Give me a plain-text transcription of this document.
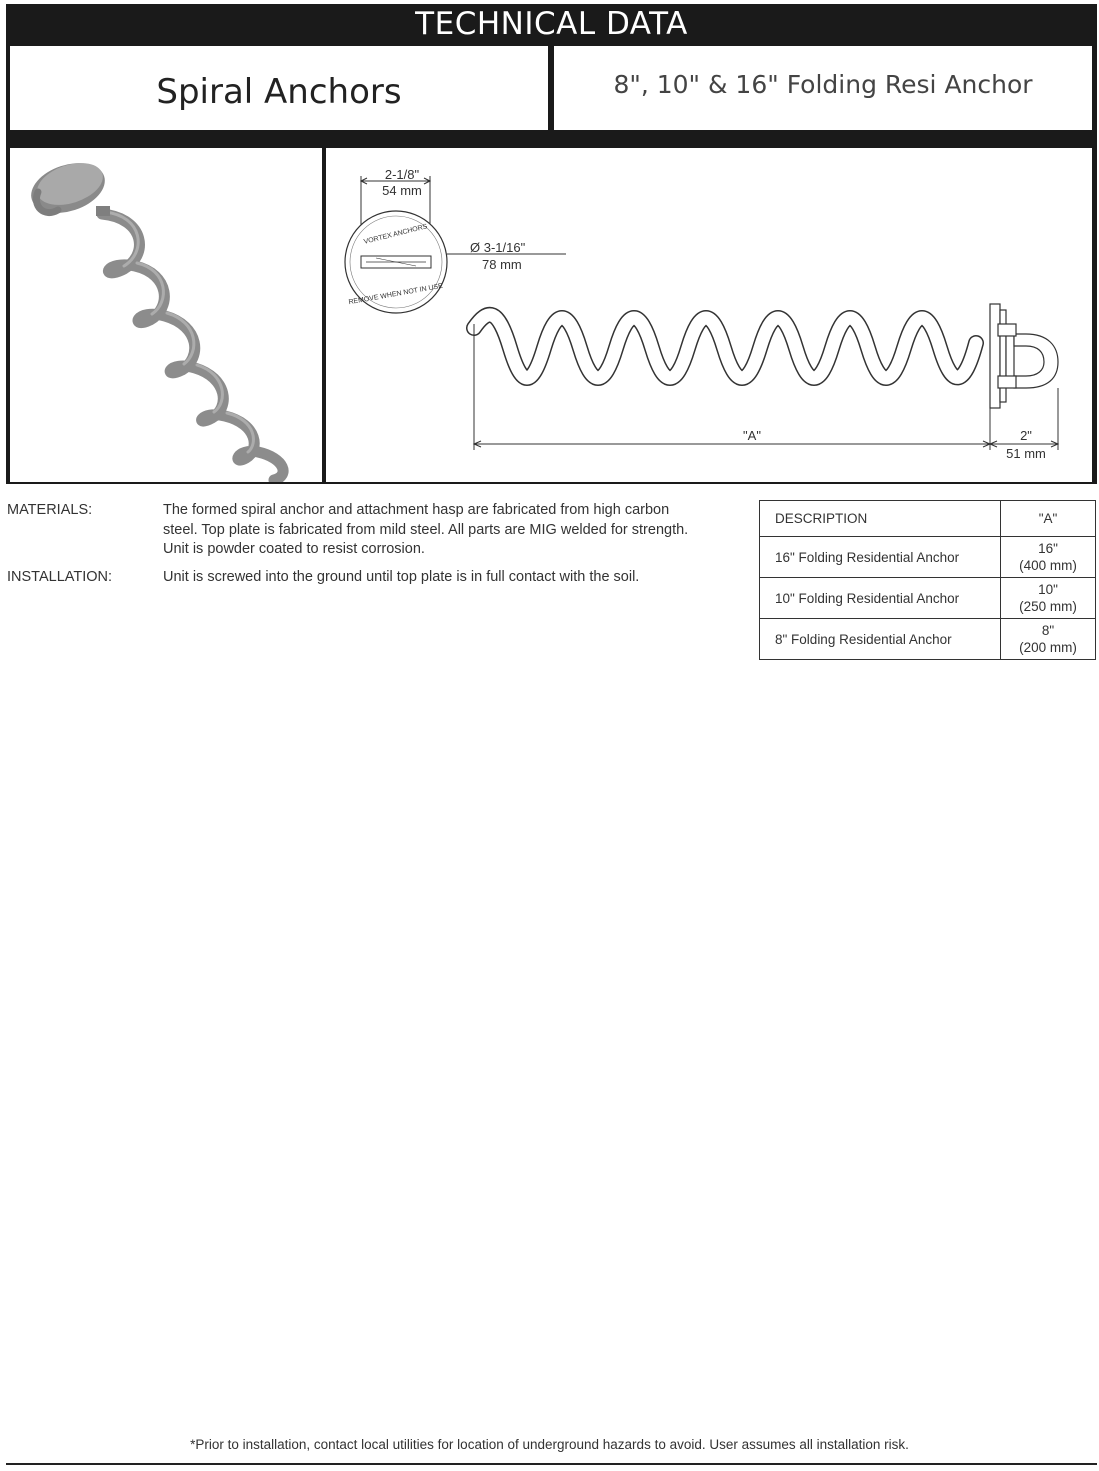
TECHNICAL DATA
Spiral Anchors	8", 10" & 16" Folding Resi Anchor
2-1/8"
54 mm
VORTEX ANCHORS
REMOVE WHEN NOT IN USE
Ø 3-1/16"
78 mm
"A"	2"
51 mm
MATERIALS:	The formed spiral anchor and attachment hasp are fabricated from high carbon
steel. Top plate is fabricated from mild steel. All parts are MIG welded for strength.
Unit is powder coated to resist corrosion.
INSTALLATION:	Unit is screwed into the ground until top plate is in full contact with the soil.
DESCRIPTION	"A"
16" Folding Residential Anchor	16"
(400 mm)

10" Folding Residential Anchor	10"
(250 mm)

8" Folding Residential Anchor	8"
(200 mm)
*Prior to installation, contact local utilities for location of underground hazards to avoid. User assumes all installation risk.
